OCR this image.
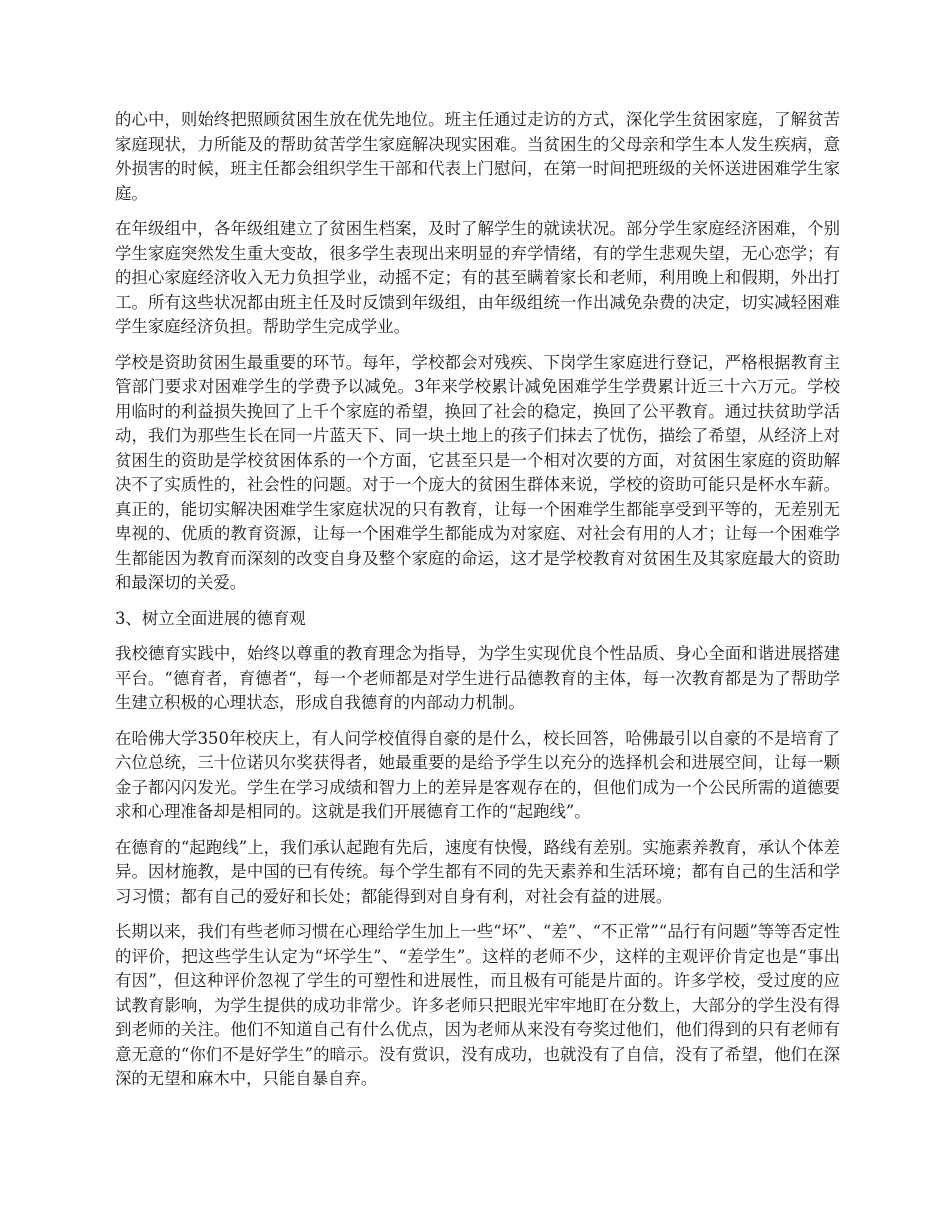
的心中，则始终把照顾贫困生放在优先地位。班主任通过走访的方式，深化学生贫困家庭，了解贫苦家庭现状，力所能及的帮助贫苦学生家庭解决现实困难。当贫困生的父母亲和学生本人发生疾病，意外损害的时候，班主任都会组织学生干部和代表上门慰问，在第一时间把班级的关怀送进困难学生家庭。

在年级组中，各年级组建立了贫困生档案，及时了解学生的就读状况。部分学生家庭经济困难，个别学生家庭突然发生重大变故，很多学生表现出来明显的弃学情绪，有的学生悲观失望，无心恋学；有的担心家庭经济收入无力负担学业，动摇不定；有的甚至瞒着家长和老师，利用晚上和假期，外出打工。所有这些状况都由班主任及时反馈到年级组，由年级组统一作出减免杂费的决定，切实减轻困难学生家庭经济负担。帮助学生完成学业。

学校是资助贫困生最重要的环节。每年，学校都会对残疾、下岗学生家庭进行登记，严格根据教育主管部门要求对困难学生的学费予以减免。3年来学校累计减免困难学生学费累计近三十六万元。学校用临时的利益损失挽回了上千个家庭的希望，换回了社会的稳定，换回了公平教育。通过扶贫助学活动，我们为那些生长在同一片蓝天下、同一块土地上的孩子们抹去了忧伤，描绘了希望，从经济上对贫困生的资助是学校贫困体系的一个方面，它甚至只是一个相对次要的方面，对贫困生家庭的资助解决不了实质性的，社会性的问题。对于一个庞大的贫困生群体来说，学校的资助可能只是杯水车薪。真正的，能切实解决困难学生家庭状况的只有教育，让每一个困难学生都能享受到平等的，无差别无卑视的、优质的教育资源，让每一个困难学生都能成为对家庭、对社会有用的人才；让每一个困难学生都能因为教育而深刻的改变自身及整个家庭的命运，这才是学校教育对贫困生及其家庭最大的资助和最深切的关爱。

3、树立全面进展的德育观

我校德育实践中，始终以尊重的教育理念为指导，为学生实现优良个性品质、身心全面和谐进展搭建平台。“德育者，育德者“，每一个老师都是对学生进行品德教育的主体，每一次教育都是为了帮助学生建立积极的心理状态，形成自我德育的内部动力机制。

在哈佛大学350年校庆上，有人问学校值得自豪的是什么，校长回答，哈佛最引以自豪的不是培育了六位总统，三十位诺贝尔奖获得者，她最重要的是给予学生以充分的选择机会和进展空间，让每一颗金子都闪闪发光。学生在学习成绩和智力上的差异是客观存在的，但他们成为一个公民所需的道德要求和心理准备却是相同的。这就是我们开展德育工作的“起跑线”。

在德育的“起跑线”上，我们承认起跑有先后，速度有快慢，路线有差别。实施素养教育，承认个体差异。因材施教，是中国的已有传统。每个学生都有不同的先天素养和生活环境；都有自己的生活和学习习惯；都有自己的爱好和长处；都能得到对自身有利，对社会有益的进展。

长期以来，我们有些老师习惯在心理给学生加上一些“坏”、“差”、“不正常”“品行有问题”等等否定性的评价，把这些学生认定为“坏学生”、“差学生”。这样的老师不少，这样的主观评价肯定也是“事出有因”，但这种评价忽视了学生的可塑性和进展性，而且极有可能是片面的。许多学校，受过度的应试教育影响，为学生提供的成功非常少。许多老师只把眼光牢牢地盯在分数上，大部分的学生没有得到老师的关注。他们不知道自己有什么优点，因为老师从来没有夸奖过他们，他们得到的只有老师有意无意的“你们不是好学生”的暗示。没有赏识，没有成功，也就没有了自信，没有了希望，他们在深深的无望和麻木中，只能自暴自弃。
